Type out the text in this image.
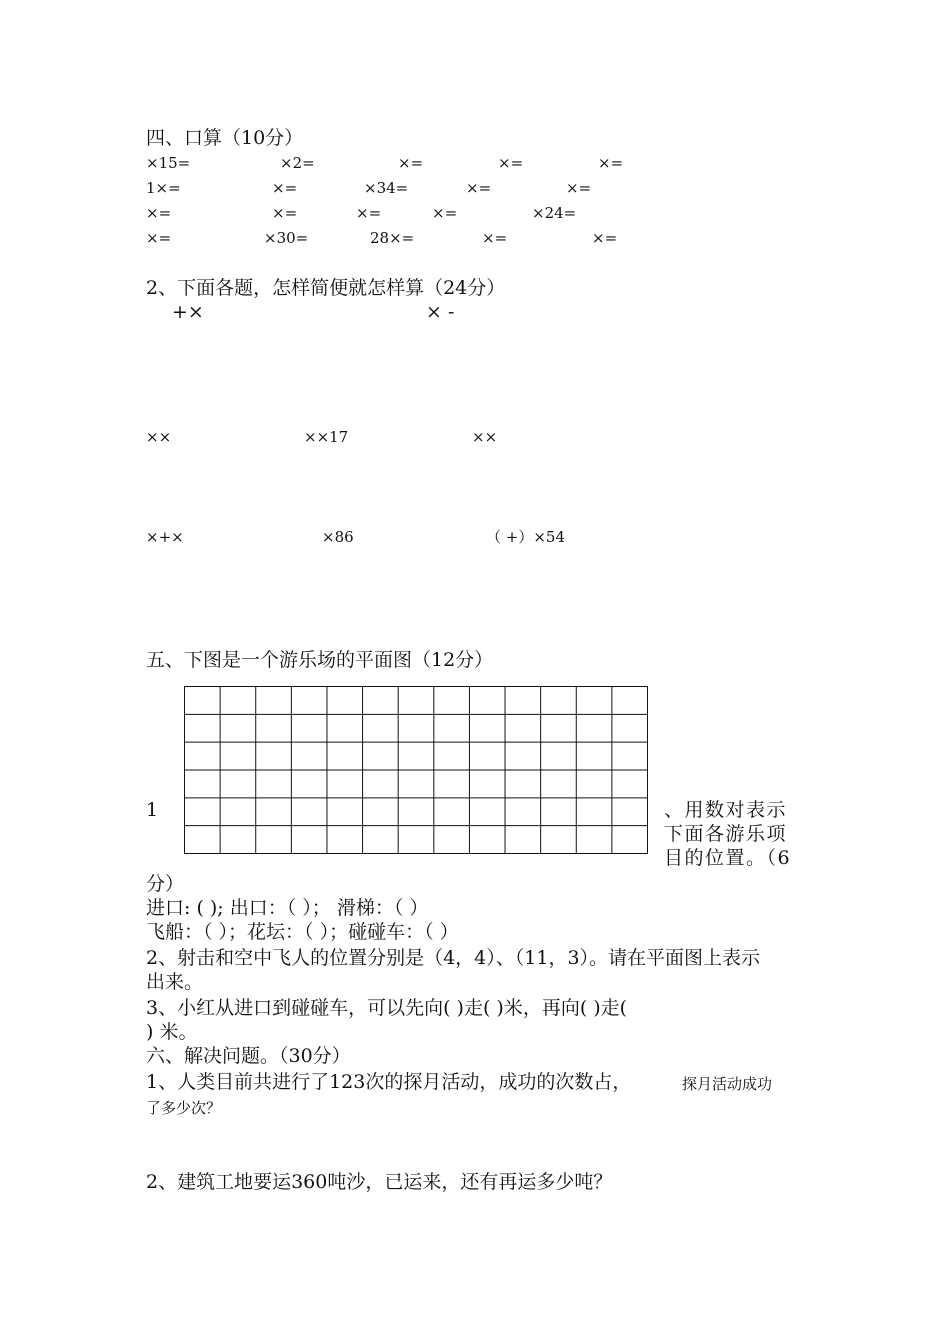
四、口算（10分）
×15=	×2=	×=	×=	×=
1×=	×=	×34=	×=	×=
×=	×=	×=	×=	×24=
×=	×30=	28×=	×=	×=
2、下面各题，怎样简便就怎样算（24分）
+×	× -
××	××17	××
×+×	×86	（ +）×54
五、下图是一个游乐场的平面图（12分）
1	、用数对表示
下面各游乐项
目的位置。（6
分）
进口: ( ); 出口：（ ）； 滑梯：（ ）
飞船：（ ）；花坛：（ ）；碰碰车：（ ）
2、射击和空中飞人的位置分别是（4，4）、（11，3）。请在平面图上表示
出来。
3、小红从进口到碰碰车，可以先向( )走( )米，再向( )走(
) 米。
六、解决问题。（30分）
1、人类目前共进行了123次的探月活动，成功的次数占，	探月活动成功
了多少次？
2、建筑工地要运360吨沙，已运来，还有再运多少吨？
